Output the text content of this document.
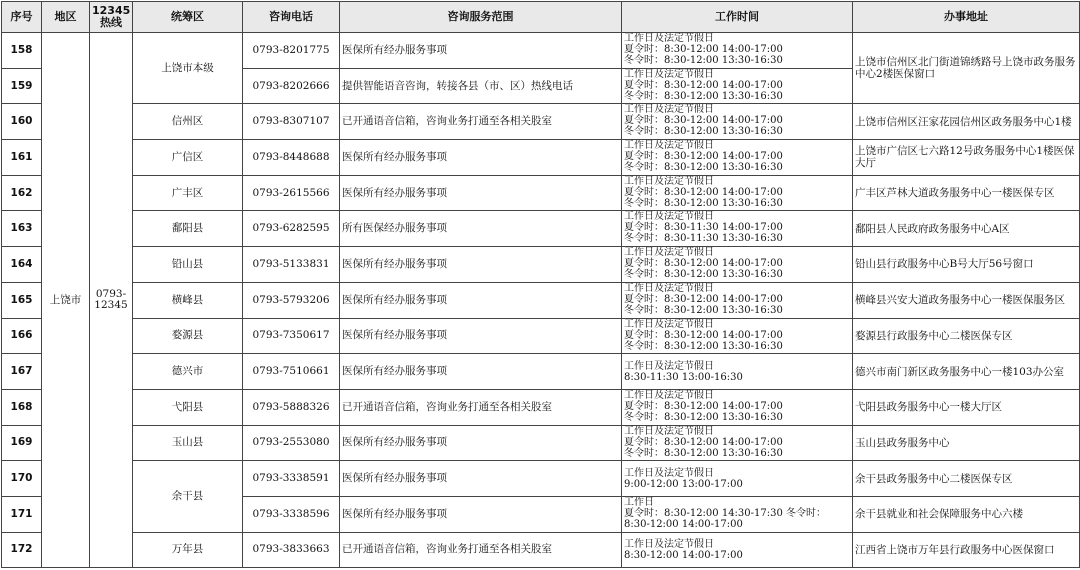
序号	地区	12345热线	统筹区	咨询电话	咨询服务范围	工作时间	办事地址
158	上饶市	0793-12345	上饶市本级	0793-8201775	医保所有经办服务事项	工作日及法定节假日
夏令时：8:30-12:00 14:00-17:00
冬令时：8:30-12:00 13:30-16:30	上饶市信州区北门街道锦绣路号上饶市政务服务中心2楼医保窗口
159				0793-8202666	提供智能语音咨询，转接各县（市、区）热线电话	工作日及法定节假日
夏令时：8:30-12:00 14:00-17:00
冬令时：8:30-12:00 13:30-16:30	

160			信州区	0793-8307107	已开通语音信箱，咨询业务打通至各相关股室	工作日及法定节假日
夏令时：8:30-12:00 14:00-17:00
冬令时：8:30-12:00 13:30-16:30	上饶市信州区汪家花园信州区政务服务中心1楼
161			广信区	0793-8448688	医保所有经办服务事项	工作日及法定节假日
夏令时：8:30-12:00 14:00-17:00
冬令时：8:30-12:00 13:30-16:30	上饶市广信区七六路12号政务服务中心1楼医保大厅
162			广丰区	0793-2615566	医保所有经办服务事项	工作日及法定节假日
夏令时：8:30-12:00 14:00-17:00
冬令时：8:30-12:00 13:30-16:30	广丰区芦林大道政务服务中心一楼医保专区
163			鄱阳县	0793-6282595	所有医保经办服务事项	工作日及法定节假日
夏令时：8:30-11:30 14:00-17:00
冬令时：8:30-11:30 13:30-16:30	鄱阳县人民政府政务服务中心A区
164			铅山县	0793-5133831	医保所有经办服务事项	工作日及法定节假日
夏令时：8:30-12:00 14:00-17:00
冬令时：8:30-12:00 13:30-16:30	铅山县行政服务中心B号大厅56号窗口
165			横峰县	0793-5793206	医保所有经办服务事项	工作日及法定节假日
夏令时：8:30-12:00 14:00-17:00
冬令时：8:30-12:00 13:30-16:30	横峰县兴安大道政务服务中心一楼医保服务区
166			婺源县	0793-7350617	医保所有经办服务事项	工作日及法定节假日
夏令时：8:30-12:00 14:00-17:00
冬令时：8:30-12:00 13:30-16:30	婺源县行政服务中心二楼医保专区
167			德兴市	0793-7510661	医保所有经办服务事项	工作日及法定节假日
8:30-11:30 13:00-16:30	德兴市南门新区政务服务中心一楼103办公室
168			弋阳县	0793-5888326	已开通语音信箱，咨询业务打通至各相关股室	工作日及法定节假日
夏令时：8:30-12:00 14:00-17:00
冬令时：8:30-12:00 13:30-16:30	弋阳县政务服务中心一楼大厅区
169			玉山县	0793-2553080	医保所有经办服务事项	工作日及法定节假日
夏令时：8:30-12:00 14:00-17:00
冬令时：8:30-12:00 13:30-16:30	玉山县政务服务中心
170			余干县	0793-3338591	医保所有经办服务事项	工作日及法定节假日
9:00-12:00 13:00-17:00	余干县政务服务中心二楼医保专区
171				0793-3338596	医保所有经办服务事项	工作日
夏令时：8:30-12:00 14:30-17:30 冬令时：8:30-12:00 14:00-17:00	余干县就业和社会保障服务中心六楼
172			万年县	0793-3833663	已开通语音信箱，咨询业务打通至各相关股室	工作日及法定节假日
8:30-12:00 14:00-17:00	江西省上饶市万年县行政服务中心医保窗口
